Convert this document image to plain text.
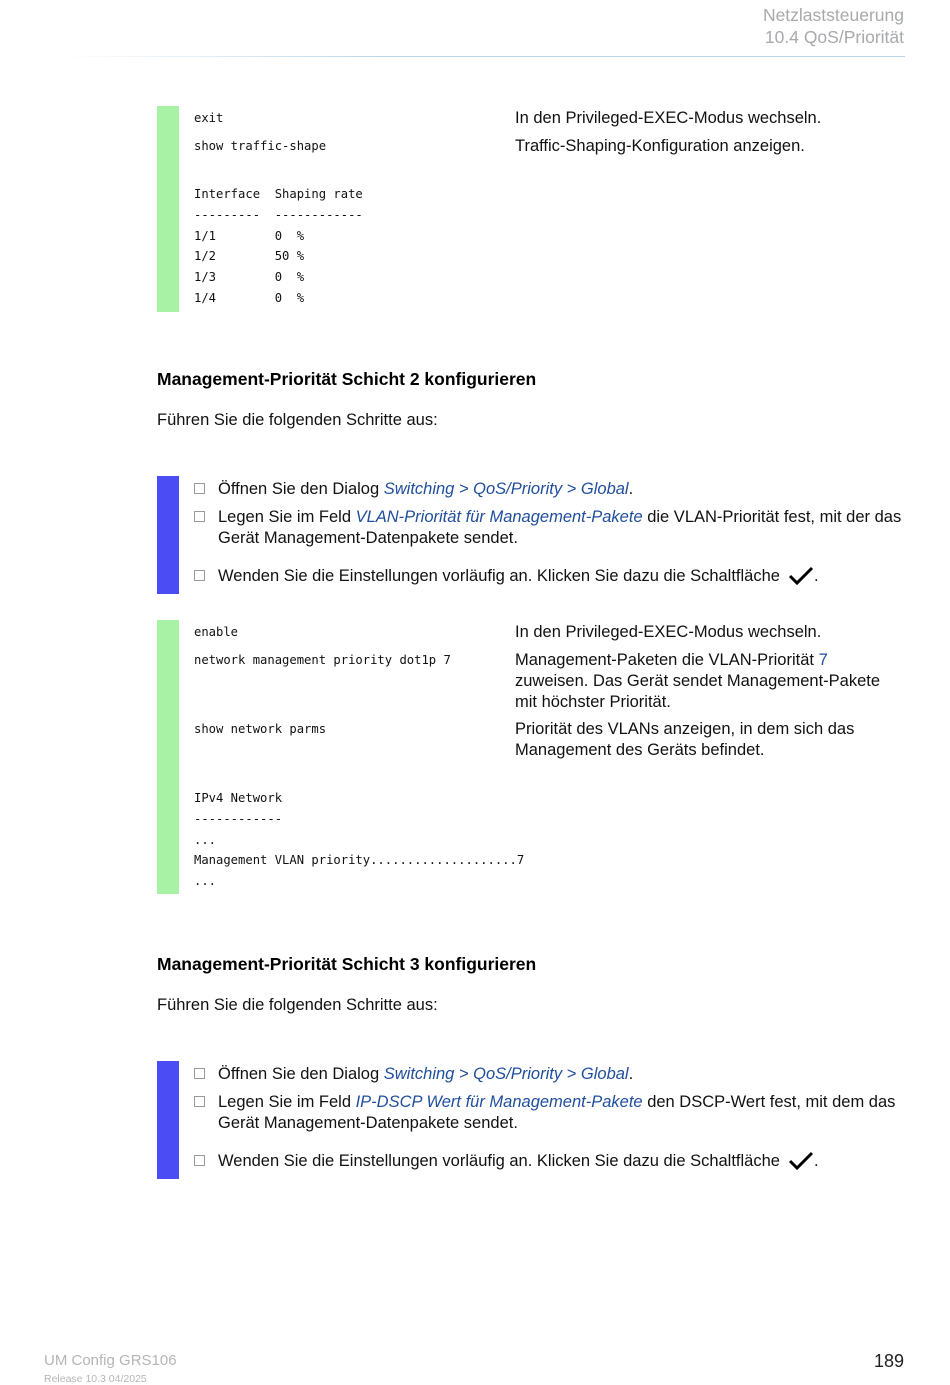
Netzlaststeuerung
10.4 QoS/Priorität
exit	In den Privileged-EXEC-Modus wechseln.
show traffic-shape	Traffic-Shaping-Konfiguration anzeigen.
Interface  Shaping rate
---------  ------------
1/1        0  %
1/2        50 %
1/3        0  %
1/4        0  %
Management-Priorität Schicht 2 konfigurieren
Führen Sie die folgenden Schritte aus:
Öffnen Sie den Dialog Switching > QoS/Priority > Global.
Legen Sie im Feld VLAN-Priorität für Management-Pakete die VLAN-Priorität fest, mit der das
Gerät Management-Datenpakete sendet.
Wenden Sie die Einstellungen vorläufig an. Klicken Sie dazu die Schaltfläche .
enable	In den Privileged-EXEC-Modus wechseln.
network management priority dot1p 7	Management-Paketen die VLAN-Priorität 7
zuweisen. Das Gerät sendet Management-Pakete
mit höchster Priorität.
show network parms	Priorität des VLANs anzeigen, in dem sich das
Management des Geräts befindet.
IPv4 Network
------------
...
Management VLAN priority....................7
...
Management-Priorität Schicht 3 konfigurieren
Führen Sie die folgenden Schritte aus:
Öffnen Sie den Dialog Switching > QoS/Priority > Global.
Legen Sie im Feld IP-DSCP Wert für Management-Pakete den DSCP-Wert fest, mit dem das
Gerät Management-Datenpakete sendet.
Wenden Sie die Einstellungen vorläufig an. Klicken Sie dazu die Schaltfläche .
UM Config GRS106
Release 10.3 04/2025
189
